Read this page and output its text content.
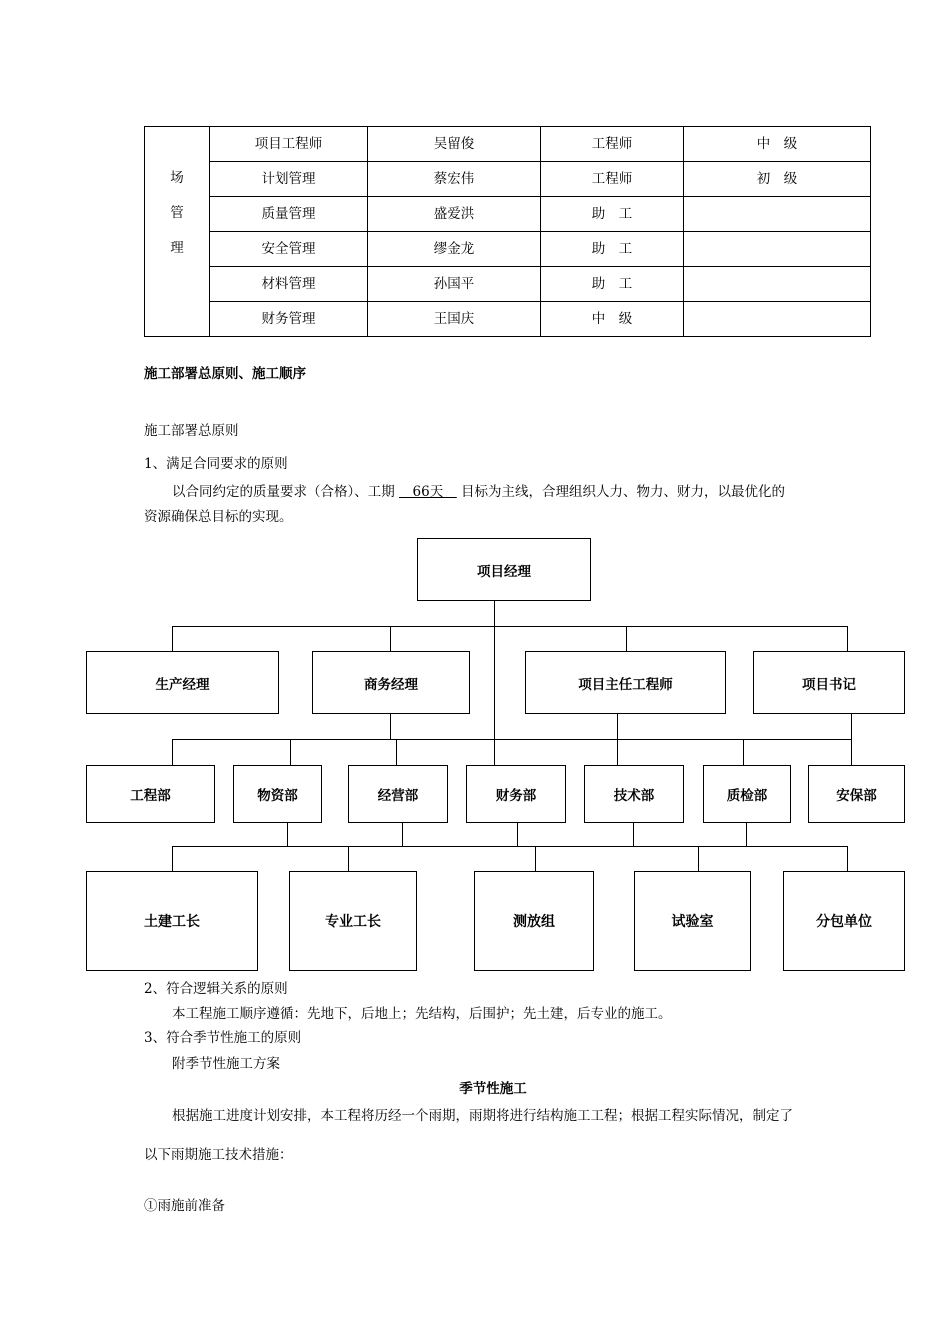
场
管
理	项目工程师	吴留俊	工程师	中　级
	计划管理	蔡宏伟	工程师	初　级
	质量管理	盛爱洪	助　工	
	安全管理	缪金龙	助　工	
	材料管理	孙国平	助　工	
	财务管理	王国庆	中　级	
施工部署总原则、施工顺序
施工部署总原则
1、满足合同要求的原则
以合同约定的质量要求（合格）、工期 　66天　 目标为主线，合理组织人力、物力、财力，以最优化的
资源确保总目标的实现。
项目经理
生产经理	商务经理	项目主任工程师	项目书记
工程部	物资部	经营部	财务部	技术部	质检部	安保部
土建工长	专业工长	测放组	试验室	分包单位
2、符合逻辑关系的原则
本工程施工顺序遵循：先地下，后地上；先结构，后围护；先土建，后专业的施工。
3、符合季节性施工的原则
附季节性施工方案
季节性施工
根据施工进度计划安排，本工程将历经一个雨期，雨期将进行结构施工工程；根据工程实际情况，制定了
以下雨期施工技术措施：
①雨施前准备
